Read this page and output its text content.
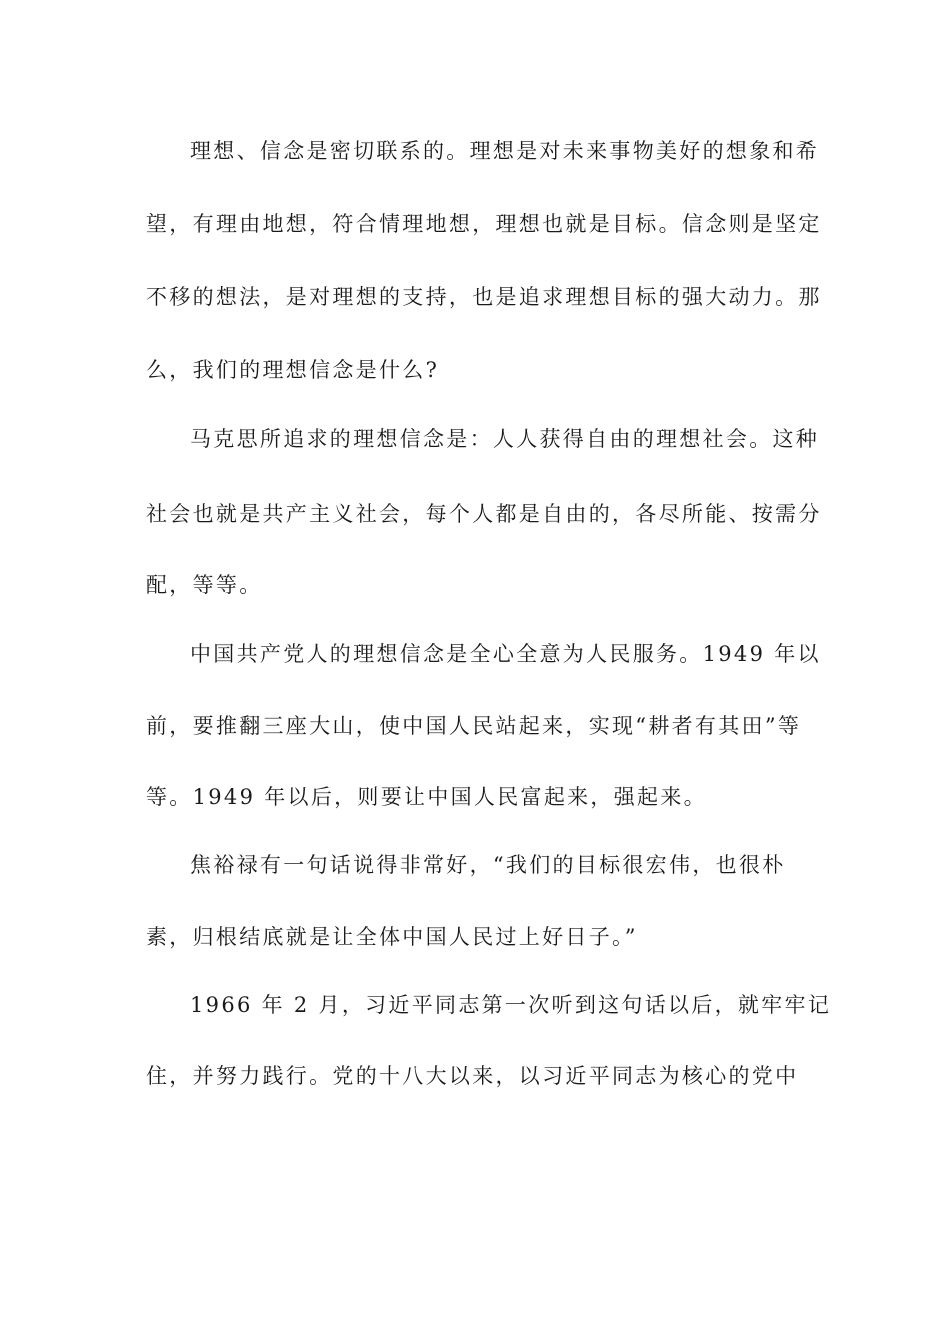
理想、信念是密切联系的。理想是对未来事物美好的想象和希
望，有理由地想，符合情理地想，理想也就是目标。信念则是坚定
不移的想法，是对理想的支持，也是追求理想目标的强大动力。那
么，我们的理想信念是什么?
马克思所追求的理想信念是：人人获得自由的理想社会。这种
社会也就是共产主义社会，每个人都是自由的，各尽所能、按需分
配，等等。
中国共产党人的理想信念是全心全意为人民服务。1949 年以
前，要推翻三座大山，使中国人民站起来，实现“耕者有其田”等
等。1949 年以后，则要让中国人民富起来，强起来。
焦裕禄有一句话说得非常好，“我们的目标很宏伟，也很朴
素，归根结底就是让全体中国人民过上好日子。”
1966 年 2 月，习近平同志第一次听到这句话以后，就牢牢记
住，并努力践行。党的十八大以来，以习近平同志为核心的党中
